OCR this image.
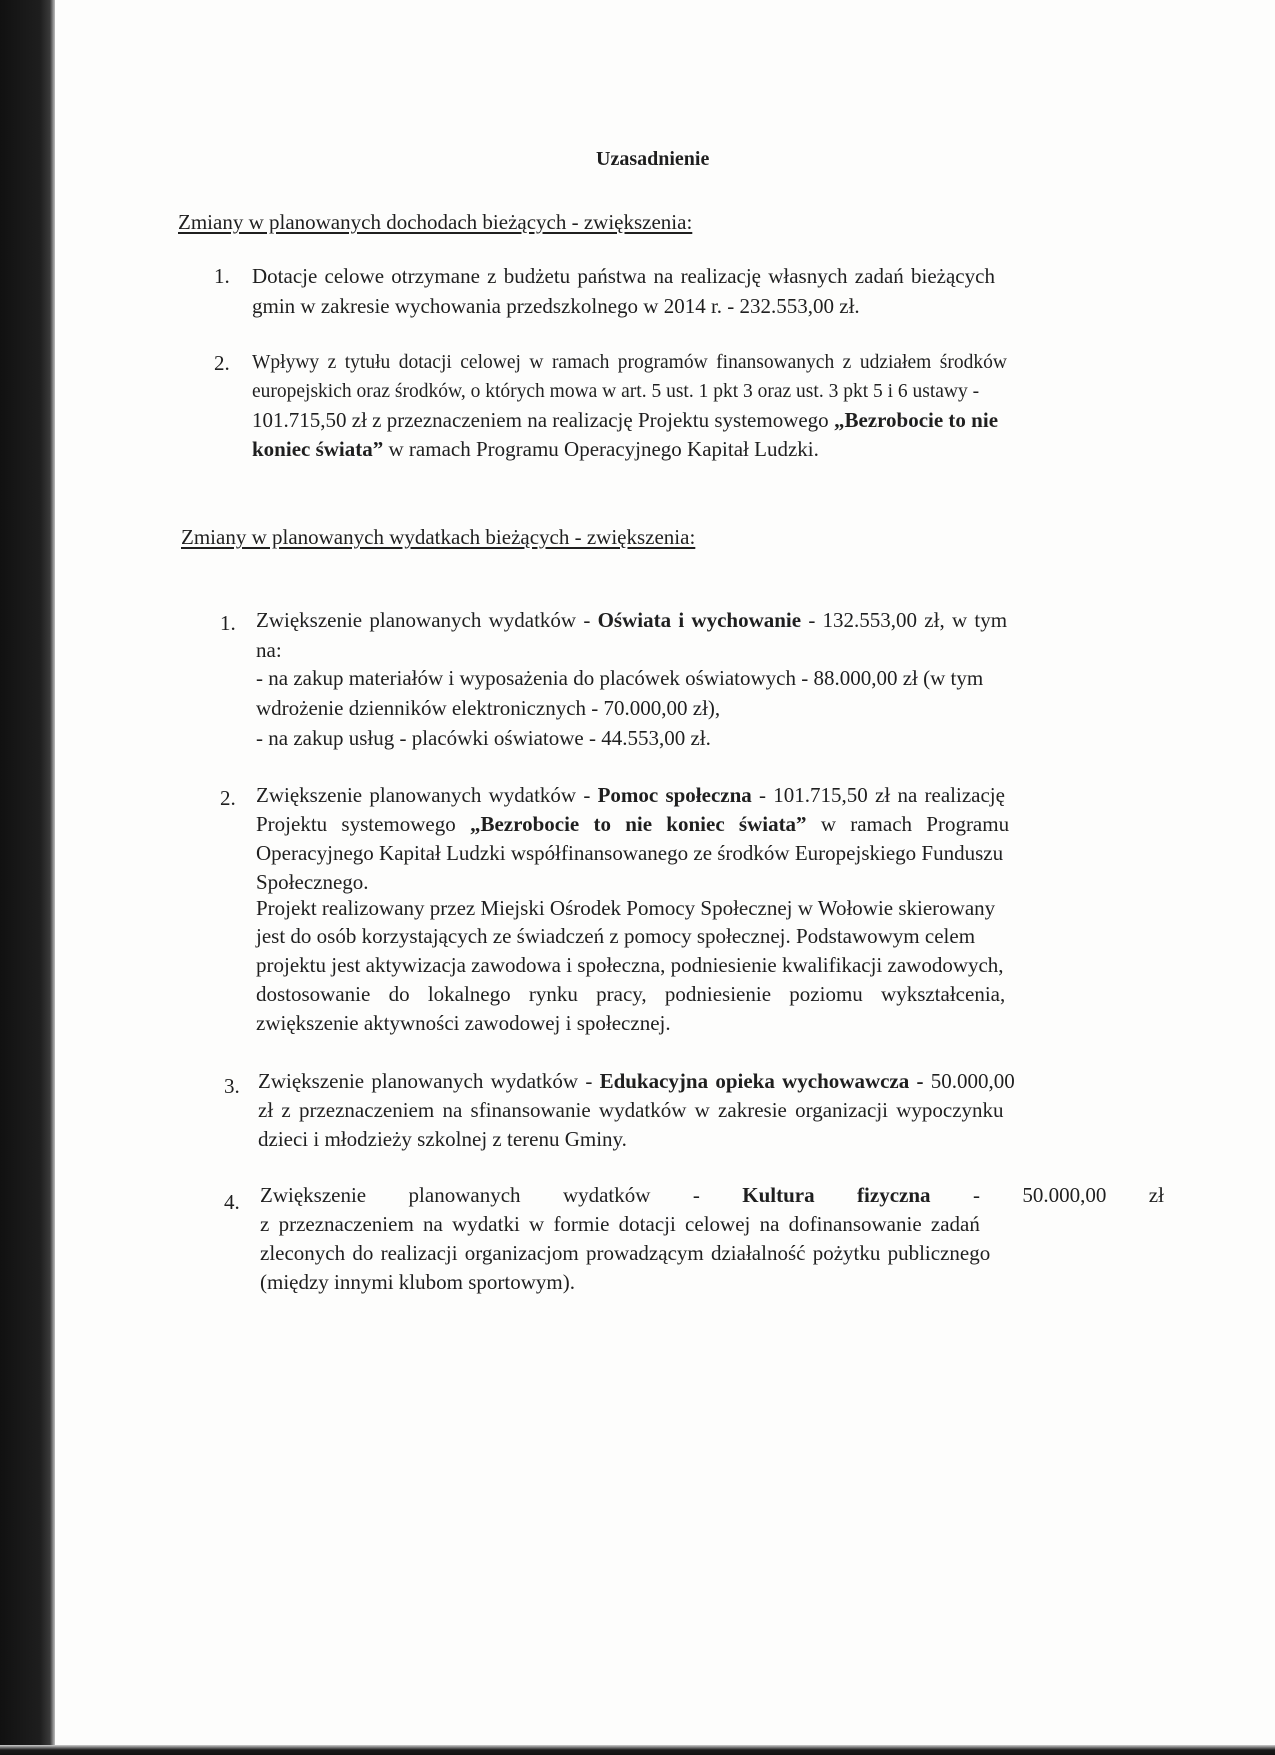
Uzasadnienie
Zmiany w planowanych dochodach bieżących - zwiększenia:
1. Dotacje celowe otrzymane z budżetu państwa na realizację własnych zadań bieżących
gmin w zakresie wychowania przedszkolnego w 2014 r. - 232.553,00 zł.
2. Wpływy z tytułu dotacji celowej w ramach programów finansowanych z udziałem środków
europejskich oraz środków, o których mowa w art. 5 ust. 1 pkt 3 oraz ust. 3 pkt 5 i 6 ustawy -
101.715,50 zł z przeznaczeniem na realizację Projektu systemowego „Bezrobocie to nie
koniec świata” w ramach Programu Operacyjnego Kapitał Ludzki.
Zmiany w planowanych wydatkach bieżących - zwiększenia:
1. Zwiększenie planowanych wydatków - Oświata i wychowanie - 132.553,00 zł, w tym
na:
- na zakup materiałów i wyposażenia do placówek oświatowych - 88.000,00 zł (w tym
wdrożenie dzienników elektronicznych - 70.000,00 zł),
- na zakup usług - placówki oświatowe - 44.553,00 zł.
2. Zwiększenie planowanych wydatków - Pomoc społeczna - 101.715,50 zł na realizację
Projektu systemowego „Bezrobocie to nie koniec świata” w ramach Programu
Operacyjnego Kapitał Ludzki współfinansowanego ze środków Europejskiego Funduszu
Społecznego.
Projekt realizowany przez Miejski Ośrodek Pomocy Społecznej w Wołowie skierowany
jest do osób korzystających ze świadczeń z pomocy społecznej. Podstawowym celem
projektu jest aktywizacja zawodowa i społeczna, podniesienie kwalifikacji zawodowych,
dostosowanie do lokalnego rynku pracy, podniesienie poziomu wykształcenia,
zwiększenie aktywności zawodowej i społecznej.
3. Zwiększenie planowanych wydatków - Edukacyjna opieka wychowawcza - 50.000,00
zł z przeznaczeniem na sfinansowanie wydatków w zakresie organizacji wypoczynku
dzieci i młodzieży szkolnej z terenu Gminy.
4. Zwiększenie planowanych wydatków - Kultura fizyczna - 50.000,00 zł
z przeznaczeniem na wydatki w formie dotacji celowej na dofinansowanie zadań
zleconych do realizacji organizacjom prowadzącym działalność pożytku publicznego
(między innymi klubom sportowym).
